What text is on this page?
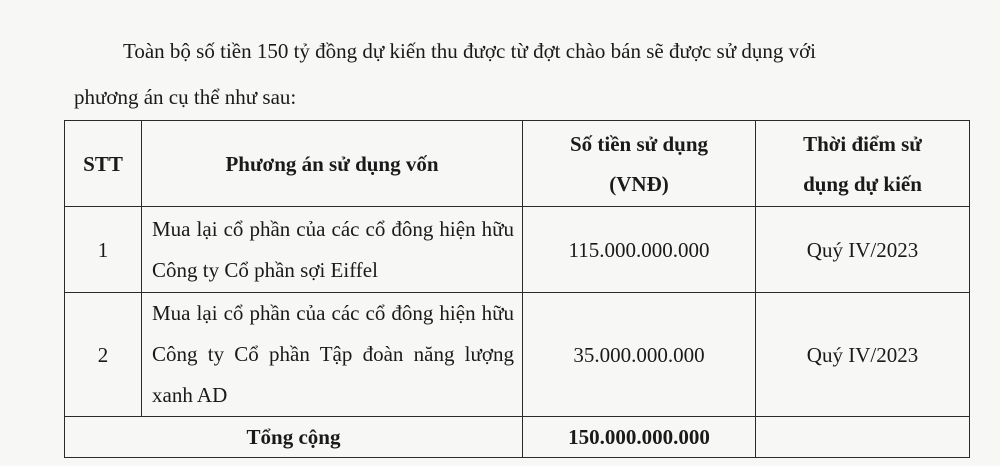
Toàn bộ số tiền 150 tỷ đồng dự kiến thu được từ đợt chào bán sẽ được sử dụng với
phương án cụ thể như sau:
STT	Phương án sử dụng vốn	Số tiền sử dụng (VNĐ)	Thời điểm sử dụng dự kiến
1	Mua lại cổ phần của các cổ đông hiện hữu Công ty Cổ phần sợi Eiffel	115.000.000.000	Quý IV/2023
2	Mua lại cổ phần của các cổ đông hiện hữu Công ty Cổ phần Tập đoàn năng lượng xanh AD	35.000.000.000	Quý IV/2023
Tổng cộng		150.000.000.000	
